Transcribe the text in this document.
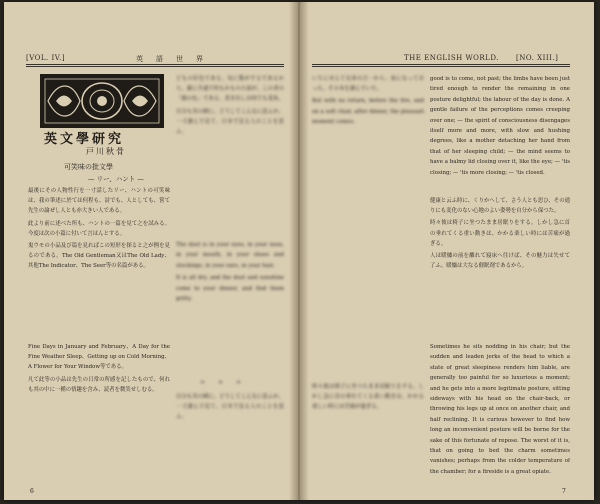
[VOL. IV.]	英　語　世　界	THE ENGLISH WORLD. [NO. XIII.]
英文學研究
戸川秋骨
可笑味の批文學
— リー、ハント —

最後にその人物性行を一寸話したリー、ハントの可笑味は、我の筆述に於ては何程も、詩でも、人としても、嘗て先生の論ぜし人とも亦大きい人である。

此より前に述べた所も、ハントの一篇を見て之を試みる。今度は次の小篇に付いて言はんとする。

鬼ウモの小品及び篇を見ればこの短形を探ると之が例を見るのである。The Old Gentleman又はThe Old Lady、其他The Indicator、The Seer等の名篇がある。

Fine Days in January and February、A Day for the Fine Weather Sleep、Getting up on Cold Morning、A Flower for Your Window等である。

凡て此等の小品は先生の日常の所感を記したもので、何れも其の中に一種の情趣を含み、読者を微笑せしむる。

どもの好色である。旬に驚がするであるから、親に共通で何もかもの小説が、この者の「顔の色」である。書き出しは何でも兎角。

自分も其の國に、どうしてこんなに思ふか、一寸讀んで見て、日本で見る人のことを思ふ。

The dust is in your eyes, in your nose, in your mouth, in your shoes and stockings, in your ears, in your hair.

It is all dry, and the dust and sunshine come to your dinner, and find them gritty.

＊　＊　＊

自分も其の國に、どうしてこんなに思ふか、一寸讀んで見て、日本で見る人のことを思ふ。

いちにせんて兄弟の合一から、夜になっておった。その本を讀んでいた。

But with no return, before the fire, and on a soft chair, after dinner, the pleasant moment comes.

時々彼は椅子に坐つたまま居眠りをする。しかし急に首の垂れてくる重い動きは、かかる楽しい時には苦痛が過ぎる。

good is to come, not past; the limbs have been just tired enough to render the remaining in one posture delightful; the labour of the day is done. A gentle failure of the perceptions comes creeping over one; — the spirit of consciousness disengages itself more and more, with slow and hushing degrees, like a mother detaching her hand from that of her sleeping child; — the mind seems to have a balmy lid closing over it, like the eye; — 'tis closing; — 'tis more closing; — 'tis closed.

健康と云ふ時に、くりかへして、さう人とも思ひ、その通りにも変化のない心地のよい姿勢を自分から保つた。

時々彼は椅子に坐つたまま居眠りをする。しかし急に首の垂れてくる重い動きは、かかる楽しい時には苦痛が過ぎる。

人は暖爐の前を離れて寢床へ往けば、その魅力は失せて了ふ。暖爐は大なる催眠剤であるから。

Sometimes he sits nodding in his chair; but the sudden and leaden jerks of the head to which a state of great sleepiness renders him liable, are generally too painful for so luxurious a moment; and he gets into a more legitimate posture, sitting sideways with his head on the chair-back, or throwing his legs up at once on another chair, and half reclining. It is curious however to find how long an inconvenient posture will be borne for the sake of this fortunate of repose. The worst of it is, that on going to bed the charm sometimes vanishes; perhaps from the colder temperature of the chamber; for a fireside is a great opiate.

6	7
